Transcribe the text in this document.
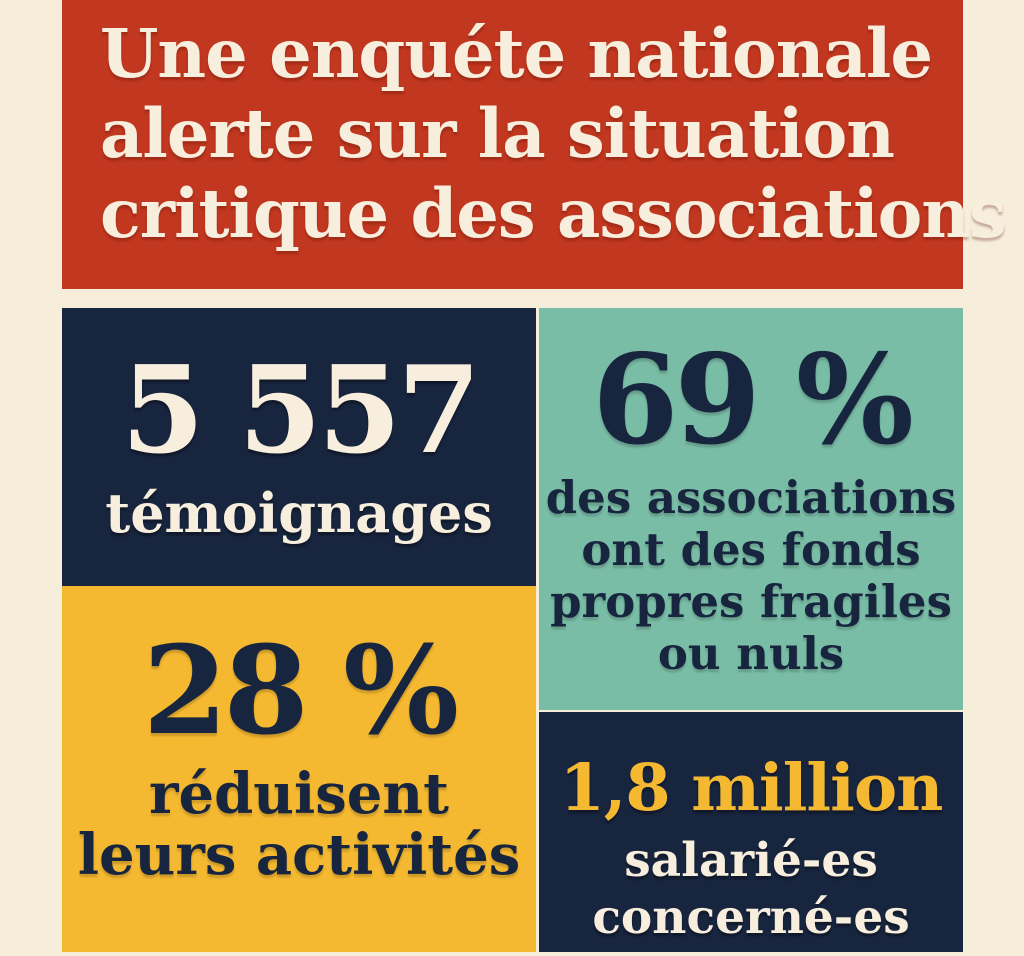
Une enquéte nationale
alerte sur la situation
critique des associations
5 557
témoignages
69 %
des associations
ont des fonds
propres fragiles
ou nuls
28 %
réduisent
leurs activités
1,8 million
salarié-es
concerné-es
